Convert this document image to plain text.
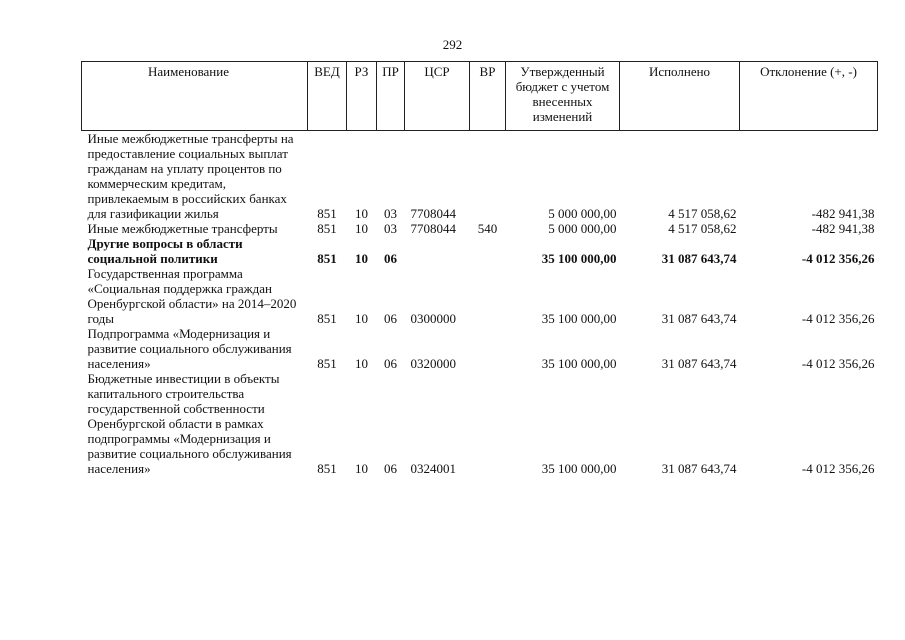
292
Наименование	ВЕД	РЗ	ПР	ЦСР	ВР	Утвержденный бюджет с учетом внесенных изменений	Исполнено	Отклонение (+, -)
Иные межбюджетные трансферты на предоставление социальных выплат гражданам на уплату процентов по коммерческим кредитам, привлекаемым в российских банках для газификации жилья	851	10	03	7708044		5 000 000,00	4 517 058,62	-482 941,38
Иные межбюджетные трансферты	851	10	03	7708044	540	5 000 000,00	4 517 058,62	-482 941,38
Другие вопросы в области социальной политики	851	10	06			35 100 000,00	31 087 643,74	-4 012 356,26
Государственная программа «Социальная поддержка граждан Оренбургской области» на 2014–2020 годы	851	10	06	0300000		35 100 000,00	31 087 643,74	-4 012 356,26
Подпрограмма «Модернизация и развитие социального обслуживания населения»	851	10	06	0320000		35 100 000,00	31 087 643,74	-4 012 356,26
Бюджетные инвестиции в объекты капитального строительства государственной собственности Оренбургской области в рамках подпрограммы «Модернизация и развитие социального обслуживания населения»	851	10	06	0324001		35 100 000,00	31 087 643,74	-4 012 356,26
